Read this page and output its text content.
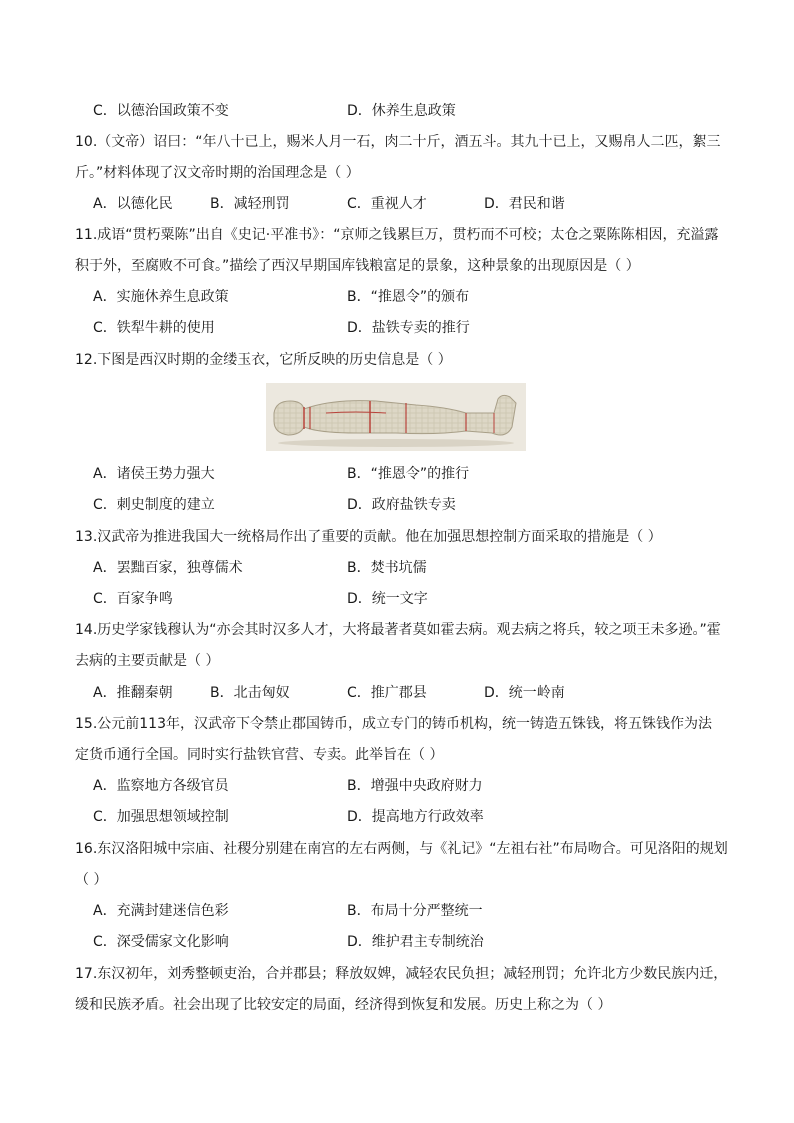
C．以德治国政策不变	D．休养生息政策
10.（文帝）诏曰：“年八十已上，赐米人月一石，肉二十斤，酒五斗。其九十已上，又赐帛人二匹，絮三
斤。”材料体现了汉文帝时期的治国理念是（ ）
A．以德化民	B．减轻刑罚	C．重视人才	D．君民和谐
11.成语“贯朽粟陈”出自《史记·平准书》：“京师之钱累巨万，贯朽而不可校；太仓之粟陈陈相因，充溢露
积于外，至腐败不可食。”描绘了西汉早期国库钱粮富足的景象，这种景象的出现原因是（ ）
A．实施休养生息政策	B．“推恩令”的颁布
C．铁犁牛耕的使用	D．盐铁专卖的推行
12.下图是西汉时期的金缕玉衣，它所反映的历史信息是（ ）
A．诸侯王势力强大	B．“推恩令”的推行
C．刺史制度的建立	D．政府盐铁专卖
13.汉武帝为推进我国大一统格局作出了重要的贡献。他在加强思想控制方面采取的措施是（ ）
A．罢黜百家，独尊儒术	B．焚书坑儒
C．百家争鸣	D．统一文字
14.历史学家钱穆认为“亦会其时汉多人才，大将最著者莫如霍去病。观去病之将兵，较之项王未多逊。”霍
去病的主要贡献是（ ）
A．推翻秦朝	B．北击匈奴	C．推广郡县	D．统一岭南
15.公元前113年，汉武帝下令禁止郡国铸币，成立专门的铸币机构，统一铸造五铢钱，将五铢钱作为法
定货币通行全国。同时实行盐铁官营、专卖。此举旨在（ ）
A．监察地方各级官员	B．增强中央政府财力
C．加强思想领域控制	D．提高地方行政效率
16.东汉洛阳城中宗庙、社稷分别建在南宫的左右两侧，与《礼记》“左祖右社”布局吻合。可见洛阳的规划
（ ）
A．充满封建迷信色彩	B．布局十分严整统一
C．深受儒家文化影响	D．维护君主专制统治
17.东汉初年，刘秀整顿吏治，合并郡县；释放奴婢，减轻农民负担；减轻刑罚；允许北方少数民族内迁，
缓和民族矛盾。社会出现了比较安定的局面，经济得到恢复和发展。历史上称之为（ ）
